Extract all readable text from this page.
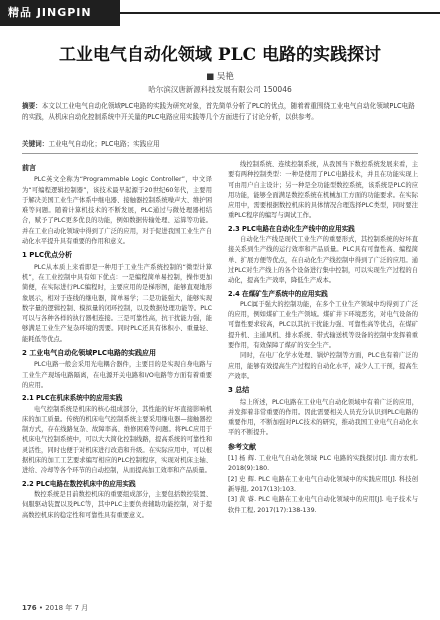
精品 JINGPIN
工业电气自动化领域 PLC 电路的实践探讨
■ 吴艳
哈尔滨汉唐新源科技发展有限公司 150046
摘要：本文以工业电气自动化领域PLC电路的实践为研究对象，首先简单分析了PLC的优点，随着着重围绕工业电气自动化领域PLC电路的实践，从机床自动化控制系统中开关量的PLC电路应用实践等几个方面进行了讨论分析，以供参考。
关键词：工业电气自动化；PLC电路；实践应用
前言

PLC英文全称为“Programmable Logic Controller”，中文译为“可编程逻辑控制器”，该技术最早起源于20世纪60年代，主要用于解决美国工业生产体系中继电器、接触器控制系统噪声大、维护困难等问题。随着计算机技术的不断发展，PLC通过与微处理器相结合，赋予了PLC更多优良的功能，例如数据传输处理、运算等功能。并在工业自动化领域中得到了广泛的应用，对于促进我国工业生产自动化水平提升具有重要的作用和意义。

1 PLC优点分析

PLC从本质上来看即是一种用于工业生产系统控制的“微型计算机”，在工业控制中具有如下优点：一是编程简单易控制，操作更加简便，在实际进行PLC编程时，主要应用的是梯形图，能够直观地形象展示，相对于连线的继电器，简单易学；二是功能强大，能够实现数字量的逻辑控制、模拟量的闭环控制，以及数据处理功能等。PLC可以与各种各样的执行器相连接。三是可靠性高，抗干扰能力强，能够满足工业生产复杂环境的需要。同时PLC还具有体积小、重量轻、能耗低等优点。

2 工业电气自动化领域PLC电路的实践应用

PLC电路一般会采用光电耦合器件，主要目的是实现自身电路与工业生产现场电路隔离，在电源开关电路和I/O电路等方面有着重要的应用。

2.1 PLC在机床系统中的应用实践

电气控制系统是机床的核心组成部分，其性能的好坏直接影响机床的加工质量。传统的机床电气控制系统主要采用继电器—接触器控制方式，存在线路复杂、故障率高、维修困难等问题。将PLC应用于机床电气控制系统中，可以大大简化控制线路，提高系统的可靠性和灵活性，同时也便于对机床进行改造和升级。在实际应用中，可以根据机床的加工工艺要求编写相应的PLC控制程序，实现对机床主轴、进给、冷却等各个环节的自动控制，从而提高加工效率和产品质量。

2.2 PLC电路在数控机床中的应用实践

数控系统是目前数控机床的重要组成部分，主要包括数控装置、伺服驱动装置以及PLC等，其中PLC主要负责辅助功能控制，对于提高数控机床的稳定性和可靠性具有重要意义。

线控制系统、连续控制系统，从我国当下数控系统发展来看，主要有两种控制类型：一种是使用了PLC电路技术，并且在功能实现上可由用户自主设计；另一种是全功能型数控系统，该系统是PLC的应用功能，能够全面满足数控系统在机械加工方面的功能要求。在实际应用中，需要根据数控机床的具体情况合理选择PLC类型，同时要注重PLC程序的编写与调试工作。

2.3 PLC电路在自动化生产线中的应用实践

自动化生产线是现代工业生产的重要形式，其控制系统的好坏直接关系到生产线的运行效率和产品质量。PLC具有可靠性高、编程简单、扩展方便等优点，在自动化生产线控制中得到了广泛的应用。通过PLC对生产线上的各个设备进行集中控制，可以实现生产过程的自动化，提高生产效率，降低生产成本。

2.4 在煤矿生产系统中的应用实践

PLC属于强大的控制功能，在多个工业生产领域中均得到了广泛的应用，例如煤矿工业生产领域。煤矿井下环境恶劣，对电气设备的可靠性要求较高，PLC以其抗干扰能力强、可靠性高等优点，在煤矿提升机、主通风机、排水系统、带式输送机等设备的控制中发挥着重要作用，有效保障了煤矿的安全生产。

同时，在电厂化学水处理、锅炉控制等方面，PLC也有着广泛的应用，能够有效提高生产过程的自动化水平，减少人工干预，提高生产效率。

3 总结

综上所述，PLC电路在工业电气自动化领域中有着广泛的应用，并发挥着非常重要的作用。因此需要相关人员充分认识到PLC电路的重要作用，不断加强对PLC技术的研究，推动我国工业电气自动化水平的不断提升。

参考文献

[1] 杨 辉. 工业电气自动化领域 PLC 电路的实践探讨[J]. 南方农机, 2018(9):180.

[2] 史 辉. PLC 电路在工业电气自动化领域中的实践应用[J]. 科技创新导报, 2017(13):103.

[3] 黄 睿. PLC 电路在工业电气自动化领域中的应用[J]. 电子技术与软件工程, 2017(17):138-139.

176 • 2018 年 7 月
